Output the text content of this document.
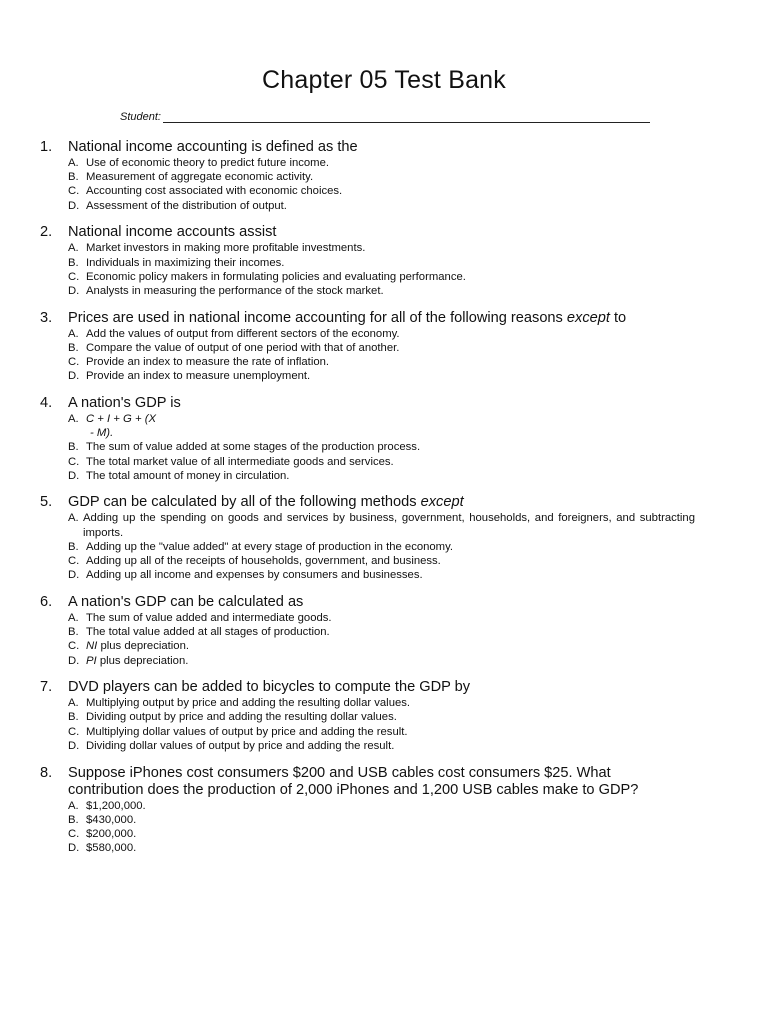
Chapter 05 Test Bank
Student:
1.	National income accounting is defined as the
A. Use of economic theory to predict future income.
B. Measurement of aggregate economic activity.
C. Accounting cost associated with economic choices.
D. Assessment of the distribution of output.
2.	National income accounts assist
A. Market investors in making more profitable investments.
B. Individuals in maximizing their incomes.
C. Economic policy makers in formulating policies and evaluating performance.
D. Analysts in measuring the performance of the stock market.
3.	Prices are used in national income accounting for all of the following reasons except to
A. Add the values of output from different sectors of the economy.
B. Compare the value of output of one period with that of another.
C. Provide an index to measure the rate of inflation.
D. Provide an index to measure unemployment.
4.	A nation's GDP is
A. C + I + G + (X
- M).
B. The sum of value added at some stages of the production process.
C. The total market value of all intermediate goods and services.
D. The total amount of money in circulation.
5.	GDP can be calculated by all of the following methods except
A. Adding up the spending on goods and services by business, government, households, and foreigners, and subtracting imports.
B. Adding up the "value added" at every stage of production in the economy.
C. Adding up all of the receipts of households, government, and business.
D. Adding up all income and expenses by consumers and businesses.
6.	A nation's GDP can be calculated as
A. The sum of value added and intermediate goods.
B. The total value added at all stages of production.
C. NI plus depreciation.
D. PI plus depreciation.
7.	DVD players can be added to bicycles to compute the GDP by
A. Multiplying output by price and adding the resulting dollar values.
B. Dividing output by price and adding the resulting dollar values.
C. Multiplying dollar values of output by price and adding the result.
D. Dividing dollar values of output by price and adding the result.
8.	Suppose iPhones cost consumers $200 and USB cables cost consumers $25. What contribution does the production of 2,000 iPhones and 1,200 USB cables make to GDP?
A. $1,200,000.
B. $430,000.
C. $200,000.
D. $580,000.
